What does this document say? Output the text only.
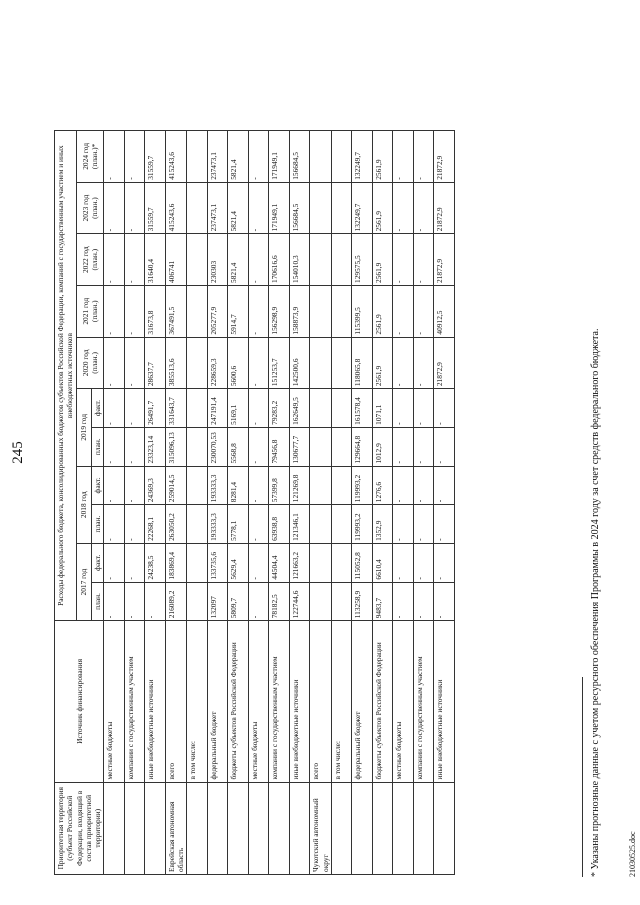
245
Приоритетная территория (субъект Российской Федерации, входящий в состав приоритетной территории)	Источник финансирования	Расходы федерального бюджета, консолидированных бюджетов субъектов Российской Федерации, компаний с государственным участием и иных внебюджетных источников										
		2017 год		2018 год		2019 год		2020 год (план.)	2021 год (план.)	2022 год (план.)	2023 год (план.)	2024 год (план.)*
		план.	факт.	план.	факт.	план.	факт.					
	местные бюджеты	-	-	-	-	-	-	-	-	-	-	-
	компании с государственным участием	-	-	-	-	-	-	-	-	-	-	-
	иные внебюджетные источники	-	24238,5	22268,1	24369,3	23323,14	26491,7	28637,7	31673,8	31640,4	31559,7	31559,7
Еврейская автономная область	всего	216089,2	183869,4	263050,2	259014,5	315096,13	331643,7	385513,6	367491,5	406741	415243,6	415243,6
	в том числе:											
	федеральный бюджет	132097	133735,6	193333,3	193333,3	230070,53	247191,4	228659,3	205277,9	230303	237473,1	237473,1
	бюджеты субъектов Российской Федерации	5809,7	5629,4	5778,1	8281,4	5568,8	5169,1	5600,6	5914,7	5821,4	5821,4	5821,4
	местные бюджеты	-	-	-	-	-	-	-	-	-	-	-
	компании с государственным участием	78182,5	44504,4	63938,8	57399,8	79456,8	79283,2	151253,7	156298,9	170616,6	171949,1	171949,1
	иные внебюджетные источники	122744,6	121663,2	121346,1	121269,8	130677,7	162649,5	142500,6	158873,9	154010,3	156684,5	156684,5
Чукотский автономный округ	всего											
	в том числе:											
	федеральный бюджет	113258,9	115052,8	119993,2	119993,2	129664,8	161578,4	118065,8	115399,5	129575,5	132249,7	132249,7
	бюджеты субъектов Российской Федерации	9483,7	6610,4	1352,9	1276,6	1012,9	1071,1	2561,9	2561,9	2561,9	2561,9	2561,9
	местные бюджеты	-	-	-	-	-	-	-	-	-	-	-
	компании с государственным участием	-	-	-	-	-	-	-	-	-	-	-
	иные внебюджетные источники	-	-	-	-	-	-	21872,9	40912,5	21872,9	21872,9	21872,9
* Указаны прогнозные данные с учетом ресурсного обеспечения Программы в 2024 году за счет средств федерального бюджета.	21030525.doc
